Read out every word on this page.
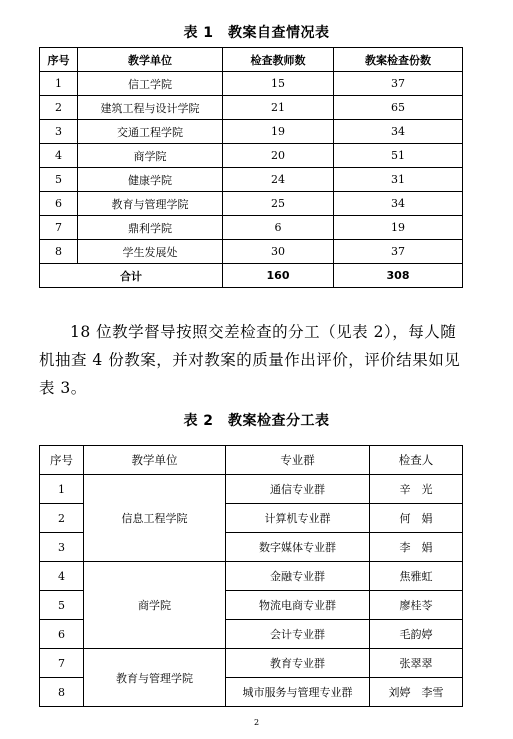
表 1　教案自查情况表
序号	教学单位	检查教师数	教案检查份数
1	信工学院	15	37
2	建筑工程与设计学院	21	65
3	交通工程学院	19	34
4	商学院	20	51
5	健康学院	24	31
6	教育与管理学院	25	34
7	鼎利学院	6	19
8	学生发展处	30	37
合计		160	308
18 位教学督导按照交差检查的分工（见表 2），每人随
机抽查 4 份教案，并对教案的质量作出评价，评价结果如见
表 3。
表 2　教案检查分工表
序号	教学单位	专业群	检查人
1	信息工程学院	通信专业群	辛　光
2		计算机专业群	何　娟
3		数字媒体专业群	李　娟
4	商学院	金融专业群	焦雅虹
5		物流电商专业群	廖桂苓
6		会计专业群	毛韵婷
7	教育与管理学院	教育专业群	张翠翠
8		城市服务与管理专业群	刘婷　李雪
2
